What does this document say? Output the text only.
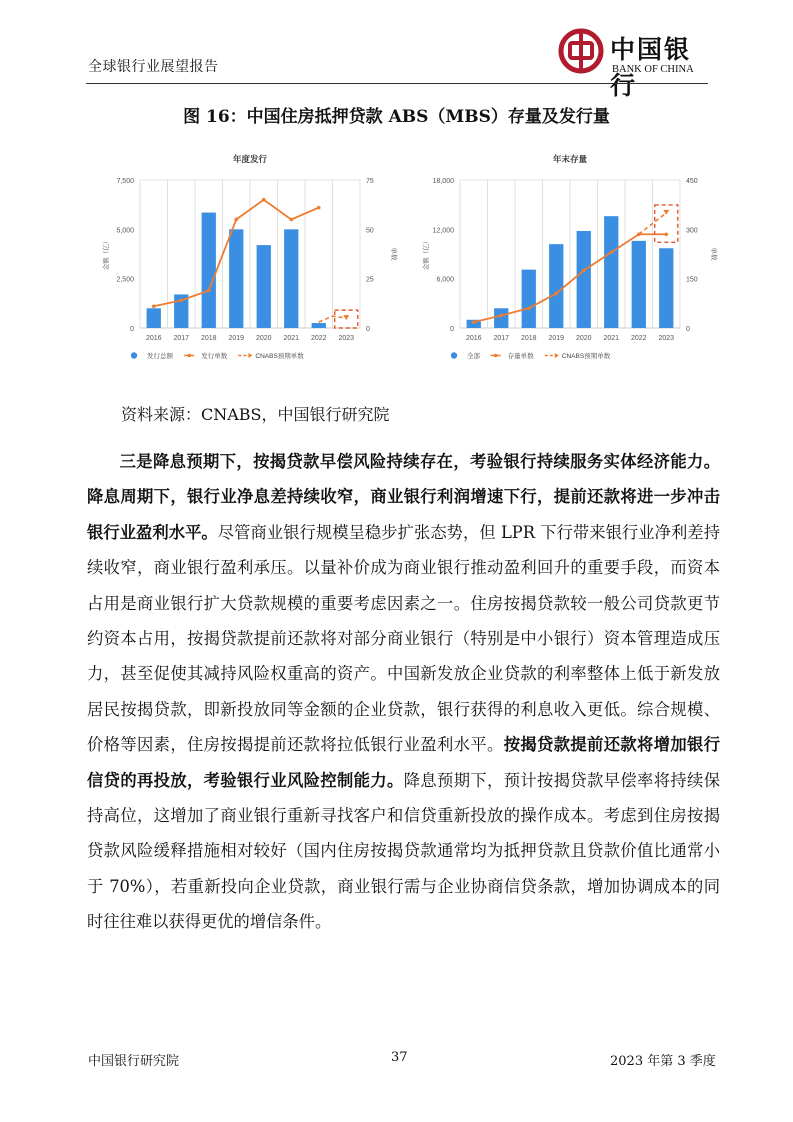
全球银行业展望报告
中国银行
BANK OF CHINA
图 16：中国住房抵押贷款 ABS（MBS）存量及发行量
年度发行
0
2,500
5,000
7,500
0
25
50
75
金额（亿）	单数
2016 2017 2018 2019 2020 2021 2022 2023
发行总额	发行单数	CNABS预期单数
年末存量
0
6,000
12,000
18,000
0
150
300
450
金额（亿）	单数
2016 2017 2018 2019 2020 2021 2022 2023
全部	存量单数	CNABS预期单数
资料来源：CNABS，中国银行研究院

三是降息预期下，按揭贷款早偿风险持续存在，考验银行持续服务实体经济能力。降息周期下，银行业净息差持续收窄，商业银行利润增速下行，提前还款将进一步冲击银行业盈利水平。尽管商业银行规模呈稳步扩张态势，但 LPR 下行带来银行业净利差持续收窄，商业银行盈利承压。以量补价成为商业银行推动盈利回升的重要手段，而资本占用是商业银行扩大贷款规模的重要考虑因素之一。住房按揭贷款较一般公司贷款更节约资本占用，按揭贷款提前还款将对部分商业银行（特别是中小银行）资本管理造成压力，甚至促使其减持风险权重高的资产。中国新发放企业贷款的利率整体上低于新发放居民按揭贷款，即新投放同等金额的企业贷款，银行获得的利息收入更低。综合规模、价格等因素，住房按揭提前还款将拉低银行业盈利水平。按揭贷款提前还款将增加银行信贷的再投放，考验银行业风险控制能力。降息预期下，预计按揭贷款早偿率将持续保持高位，这增加了商业银行重新寻找客户和信贷重新投放的操作成本。考虑到住房按揭贷款风险缓释措施相对较好（国内住房按揭贷款通常均为抵押贷款且贷款价值比通常小于 70%），若重新投向企业贷款，商业银行需与企业协商信贷条款，增加协调成本的同时往往难以获得更优的增信条件。

中国银行研究院	37	2023 年第 3 季度
